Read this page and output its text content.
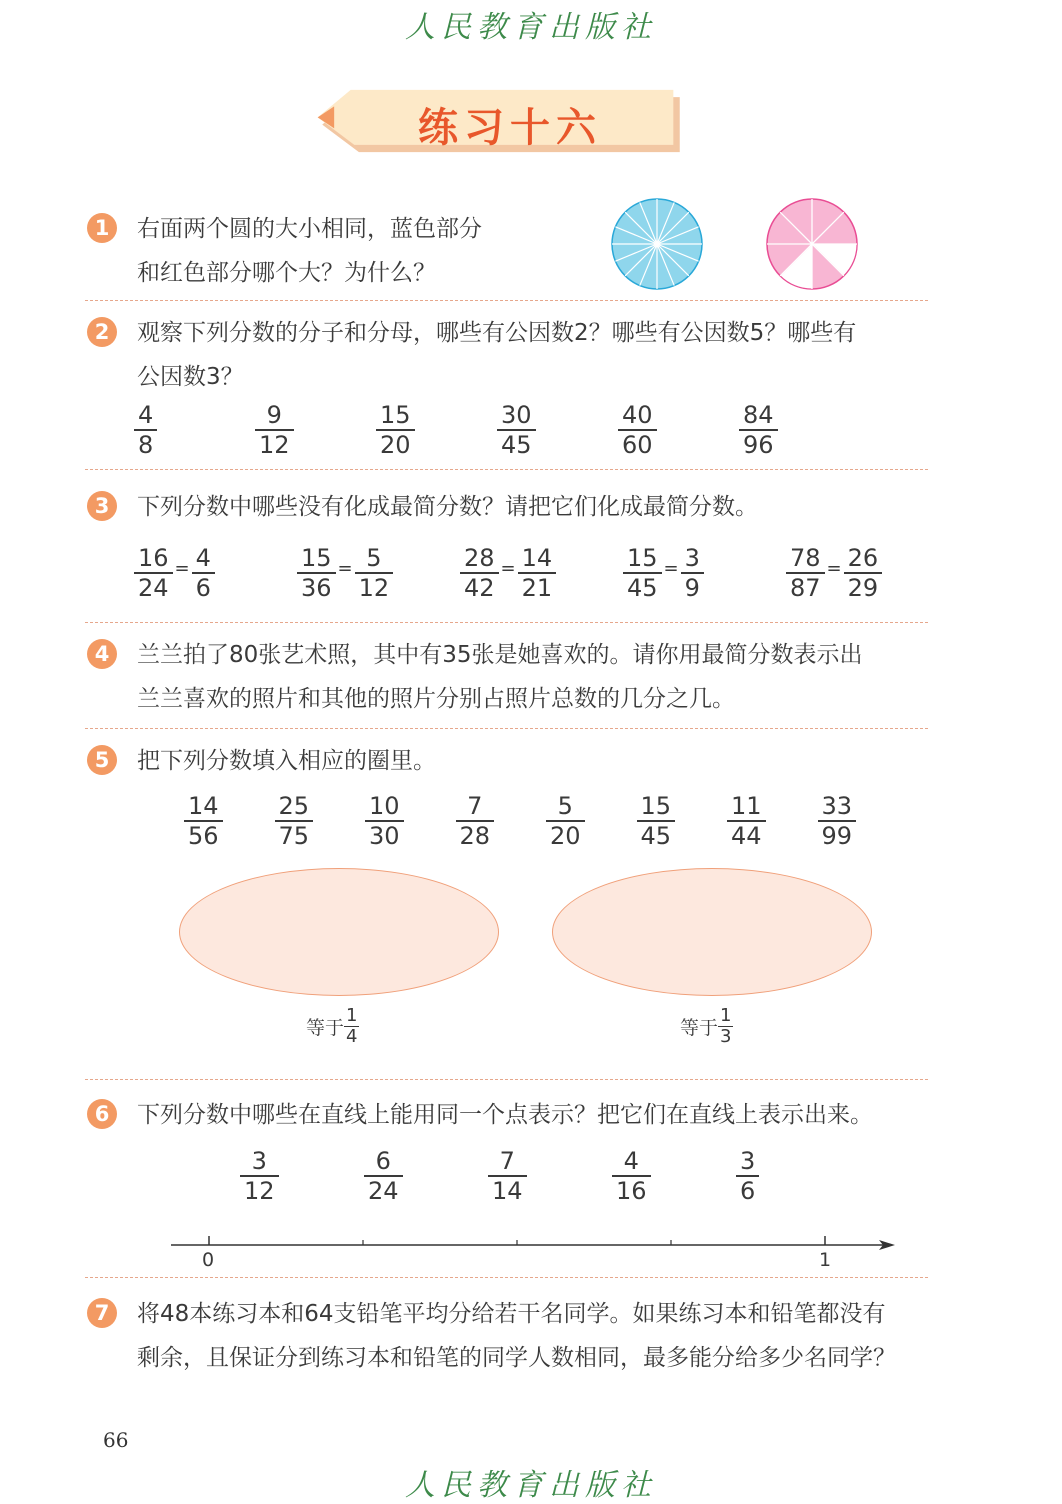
人民教育出版社
练习十六
1	右面两个圆的大小相同，蓝色部分
和红色部分哪个大？为什么？
2	观察下列分数的分子和分母，哪些有公因数2？哪些有公因数5？哪些有
公因数3？
$\frac{4}{8}$	$\frac{9}{12}$	$\frac{15}{20}$	$\frac{30}{45}$	$\frac{40}{60}$	$\frac{84}{96}$
3	下列分数中哪些没有化成最简分数？请把它们化成最简分数。
$\frac{16}{24} = \frac{4}{6}$	$\frac{15}{36} = \frac{5}{12}$	$\frac{28}{42} = \frac{14}{21}$	$\frac{15}{45} = \frac{3}{9}$	$\frac{78}{87} = \frac{26}{29}$
4	兰兰拍了80张艺术照，其中有35张是她喜欢的。请你用最简分数表示出
兰兰喜欢的照片和其他的照片分别占照片总数的几分之几。
5	把下列分数填入相应的圈里。
$\frac{14}{56} \frac{25}{75} \frac{10}{30} \frac{7}{28} \frac{5}{20} \frac{15}{45} \frac{11}{44} \frac{33}{99}$
等于 $\frac{1}{4}$	等于 $\frac{1}{3}$
6	下列分数中哪些在直线上能用同一个点表示？把它们在直线上表示出来。
$\frac{3}{12}$	$\frac{6}{24}$	$\frac{7}{14}$	$\frac{4}{16}$	$\frac{3}{6}$
0	1
7	将48本练习本和64支铅笔平均分给若干名同学。如果练习本和铅笔都没有
剩余，且保证分到练习本和铅笔的同学人数相同，最多能分给多少名同学？
66
人民教育出版社
